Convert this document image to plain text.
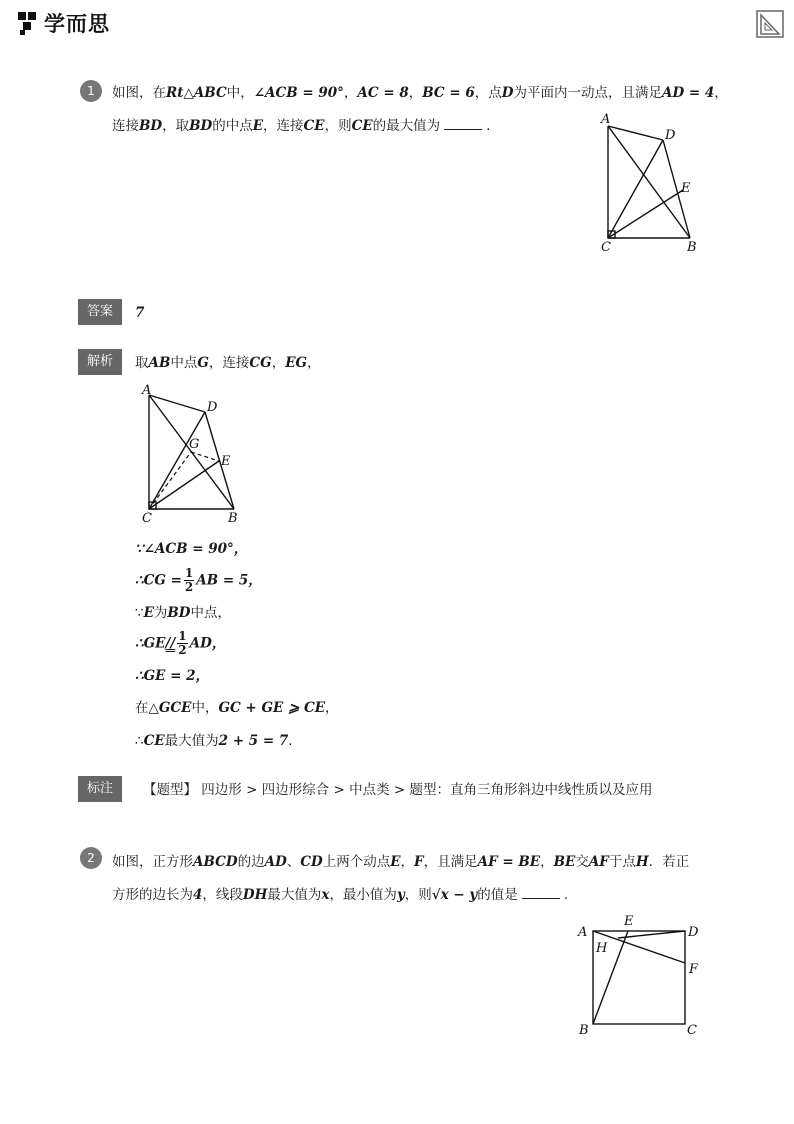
学而思
1	如图，在Rt△ABC中，∠ACB = 90°，AC = 8，BC = 6，点D为平面内一动点，且满足AD = 4，
连接BD，取BD的中点E，连接CE，则CE的最大值为	.	A
D
E
C	B
答案	7
解析	取AB中点G，连接CG，EG，
A
D
G
E
C	B
∵∠ACB = 90°，
∴CG = $\frac{1}{2}$ AB = 5，
∵E为BD中点，
∴GE// $\frac{1}{2}$ AD，
∴GE = 2，
在△GCE中，GC + GE ⩾ CE，
∴CE最大值为2 + 5 = 7.
标注	【题型】 四边形 > 四边形综合 > 中点类 > 题型：直角三角形斜边中线性质以及应用
2	如图，正方形ABCD的边AD、CD上两个动点E，F，且满足AF = BE，BE交AF于点H．若正
方形的边长为4，线段DH最大值为x，最小值为y，则√x − y的值是	.
E
A	D
H
F
B	C
